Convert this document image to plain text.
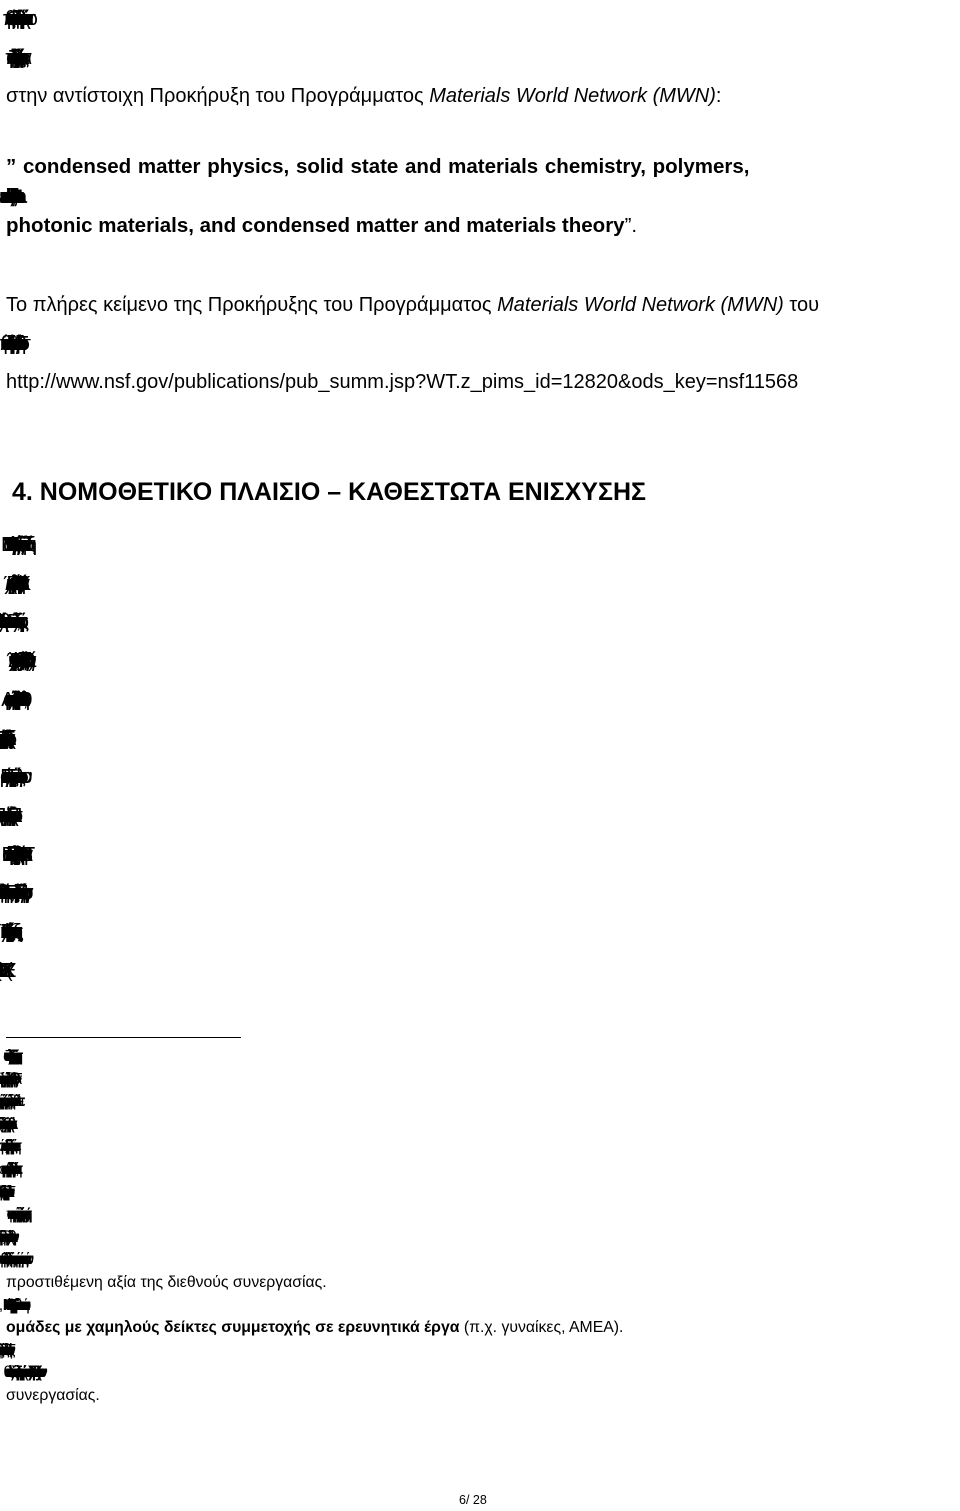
Οι προτάσεις που θα υποβληθούν θα πρέπει υποχρεωτικά να εντάσσονται θεματικά στις
κάτωθι προγραμματικές περιοχές έρευνας στον Τομέα των Υλικών, όπως αυτές ορίζονται
στην αντίστοιχη Προκήρυξη του Προγράμματος Materials World Network (MWN):
” condensed matter physics, solid state and materials chemistry, polymers,
photonic materials, and condensed matter and materials theory”.
Το πλήρες κείμενο της Προκήρυξης του Προγράμματος Materials World Network (MWN) του
http://www.nsf.gov/publications/pub_summ.jsp?WT.z_pims_id=12820&ods_key=nsf11568
4. ΝΟΜΟΘΕΤΙΚΟ ΠΛΑΙΣΙΟ – ΚΑΘΕΣΤΩΤΑ ΕΝΙΣΧΥΣΗΣ
Η παρούσα Πράξη διέπεται από i) τον Ν.1514/1985 «
Τεχνολογικής Έρευνας
Σύνδεση
Έρευνας και Τεχνολογίας με την παραγωγή και άλλες διατάξεις
Επιχειρηματικότητα» και των Επιχειρησιακών Προγραμμάτων των Περιφερειών μεταβατικής
Εφαρμογής των δράσεων του Υπουργείου Παιδείας, Δια Βίου Μάθησης και Θρησκευμάτων
(Ε.Υ.Δ.Ε..Ε.Τ.Α.Κ.) του Υπουργείου Παιδείας, Δια Βίου Μάθησης και Θρησκευμάτων (ΦΕΚ
περιοχή τους πρόταση για την υποστήριξη αυτής της από την πλευρά τους συνεργασίας
προσφέρουν στους συμμετέχοντες φοιτητέςνέους ερευνητές
σε μια διεθνή εμπειρία έρευνας και εκπαίδευσης, ενώ παράλληλα θα ενισχύουν τη διαδικασία
προστιθέμενη αξία της διεθνούς συνεργασίας.
το NSF ενθαρρύνει τη συνεργασία με πρόσωπα που ανήκουν σε
ομάδες με χαμηλούς δείκτες συμμετοχής σε ερευνητικά έργα (π.χ. γυναίκες, ΑΜΕΑ).
Τέλος, ιδιαίτερο ενδιαφέρον για το NSF παρουσιάζουν εκείνες οι προτάσεις που προβλέπουν την
ανάπτυξη ηλεκτρονικών υποδομών (cyber infrastructures)
συνεργασίας.
6/ 28
